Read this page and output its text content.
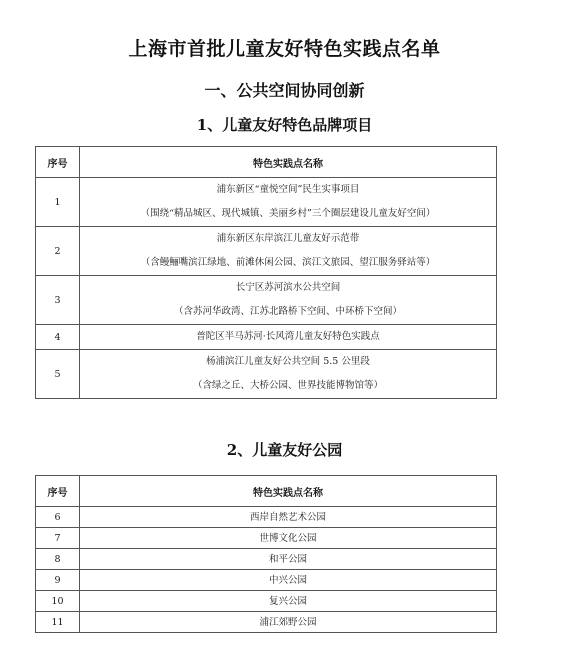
上海市首批儿童友好特色实践点名单
一、公共空间协同创新
1、儿童友好特色品牌项目
序号	特色实践点名称
1	浦东新区“童悦空间”民生实事项目
（围绕“精品城区、现代城镇、美丽乡村”三个圈层建设儿童友好空间）

2	浦东新区东岸滨江儿童友好示范带
（含鳗鲡嘴滨江绿地、前滩休闲公园、滨江文旅园、望江服务驿站等）

3	长宁区苏河滨水公共空间
（含苏河华政湾、江苏北路桥下空间、中环桥下空间）

4	普陀区半马苏河·长风湾儿童友好特色实践点

5	杨浦滨江儿童友好公共空间 5.5 公里段
（含绿之丘、大桥公园、世界技能博物馆等）
2、儿童友好公园
序号	特色实践点名称
6	西岸自然艺术公园

7	世博文化公园

8	和平公园

9	中兴公园

10	复兴公园

11	浦江郊野公园
